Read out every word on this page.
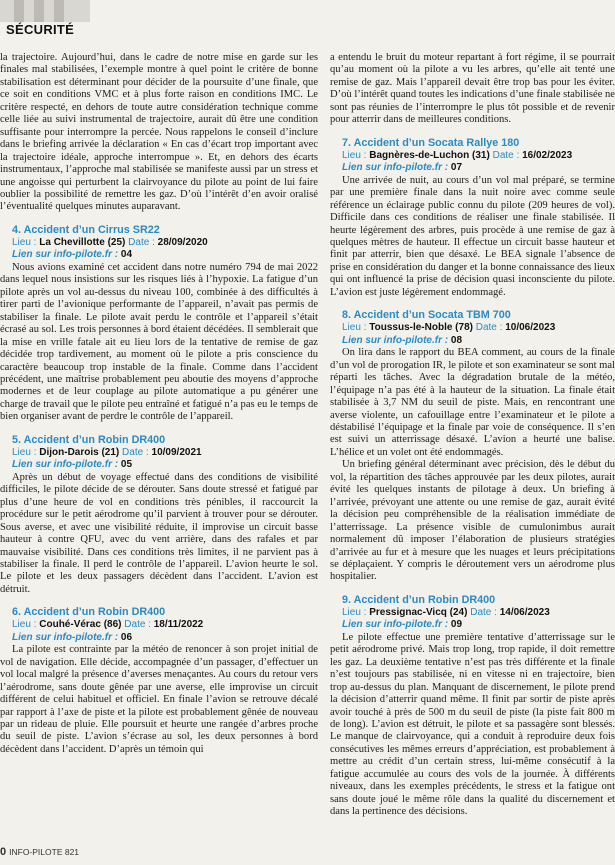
SÉCURITÉ

la trajectoire. Aujourd’hui, dans le cadre de notre mise en garde sur les finales mal stabilisées, l’exemple montre à quel point le critère de bonne stabilisation est déterminant pour décider de la poursuite d’une finale, que ce soit en conditions VMC et à plus forte raison en conditions IMC. Le critère respecté, en dehors de toute autre considération technique comme celle liée au suivi instrumental de trajectoire, aurait dû être une condition suffisante pour interrompre la percée. Nous rappelons le conseil d’inclure dans le briefing arrivée la déclaration « En cas d’écart trop important avec la trajectoire idéale, approche interrompue ». Et, en dehors des écarts instrumentaux, l’approche mal stabilisée se manifeste aussi par un stress et une angoisse qui perturbent la clairvoyance du pilote au point de lui faire oublier la possibilité de remettre les gaz. D’où l’intérêt d’en avoir oralisé l’éventualité quelques minutes auparavant.

4. Accident d’un Cirrus SR22

Lieu : La Chevillotte (25) Date : 28/09/2020

Lien sur info-pilote.fr : 04

Nous avions examiné cet accident dans notre numéro 794 de mai 2022 dans lequel nous insistions sur les risques liés à l’hypoxie. La fatigue d’un pilote après un vol au-dessus du niveau 100, combinée à des difficultés à tirer parti de l’avionique performante de l’appareil, n’avait pas permis de stabiliser la finale. Le pilote avait perdu le contrôle et l’appareil s’était écrasé au sol. Les trois personnes à bord étaient décédées. Il semblerait que la mise en vrille fatale ait eu lieu lors de la tentative de remise de gaz décidée trop tardivement, au moment où le pilote a pris conscience du caractère beaucoup trop instable de la finale. Comme dans l’accident précédent, une maîtrise probablement peu aboutie des moyens d’approche modernes et de leur couplage au pilote automatique a pu générer une charge de travail que le pilote peu entraîné et fatigué n’a pas eu le temps de bien organiser avant de perdre le contrôle de l’appareil.

5. Accident d’un Robin DR400

Lieu : Dijon-Darois (21) Date : 10/09/2021

Lien sur info-pilote.fr : 05

Après un début de voyage effectué dans des conditions de visibilité difficiles, le pilote décide de se dérouter. Sans doute stressé et fatigué par plus d’une heure de vol en conditions très pénibles, il raccourcit la procédure sur le petit aérodrome qu’il parvient à trouver pour se dérouter. Sous averse, et avec une visibilité réduite, il improvise un circuit basse hauteur à contre QFU, avec du vent arrière, dans des rafales et par mauvaise visibilité. Dans ces conditions très limites, il ne parvient pas à stabiliser la finale. Il perd le contrôle de l’appareil. L’avion heurte le sol. Le pilote et les deux passagers décèdent dans l’accident. L’avion est détruit.

6. Accident d’un Robin DR400

Lieu : Couhé-Vérac (86) Date : 18/11/2022

Lien sur info-pilote.fr : 06

La pilote est contrainte par la météo de renoncer à son projet initial de vol de navigation. Elle décide, accompagnée d’un passager, d’effectuer un vol local malgré la présence d’averses menaçantes. Au cours du retour vers l’aérodrome, sans doute gênée par une averse, elle improvise un circuit différent de celui habituel et officiel. En finale l’avion se retrouve décalé par rapport à l’axe de piste et la pilote est probablement gênée de nouveau par un rideau de pluie. Elle poursuit et heurte une rangée d’arbres proche du seuil de piste. L’avion s’écrase au sol, les deux personnes à bord décèdent dans l’accident. D’après un témoin qui

a entendu le bruit du moteur repartant à fort régime, il se pourrait qu’au moment où la pilote a vu les arbres, qu’elle ait tenté une remise de gaz. Mais l’appareil devait être trop bas pour les éviter. D’où l’intérêt quand toutes les indications d’une finale stabilisée ne sont pas réunies de l’interrompre le plus tôt possible et de revenir pour atterrir dans de meilleures conditions.

7. Accident d’un Socata Rallye 180

Lieu : Bagnères-de-Luchon (31) Date : 16/02/2023

Lien sur info-pilote.fr : 07

Une arrivée de nuit, au cours d’un vol mal préparé, se termine par une première finale dans la nuit noire avec comme seule référence un éclairage public connu du pilote (209 heures de vol). Difficile dans ces conditions de réaliser une finale stabilisée. Il heurte légèrement des arbres, puis procède à une remise de gaz à quelques mètres de hauteur. Il effectue un circuit basse hauteur et finit par atterrir, bien que désaxé. Le BEA signale l’absence de prise en considération du danger et la bonne connaissance des lieux qui ont influencé la prise de décision quasi inconsciente du pilote. L’avion est juste légèrement endommagé.

8. Accident d’un Socata TBM 700

Lieu : Toussus-le-Noble (78) Date : 10/06/2023

Lien sur info-pilote.fr : 08

On lira dans le rapport du BEA comment, au cours de la finale d’un vol de prorogation IR, le pilote et son examinateur se sont mal réparti les tâches. Avec la dégradation brutale de la météo, l’équipage n’a pas été à la hauteur de la situation. La finale était stabilisée à 3,7 NM du seuil de piste. Mais, en rencontrant une averse violente, un cafouillage entre l’examinateur et le pilote a déstabilisé l’équipage et la finale par voie de conséquence. Il s’en est suivi un atterrissage désaxé. L’avion a heurté une balise. L’hélice et un volet ont été endommagés.

Un briefing général déterminant avec précision, dès le début du vol, la répartition des tâches approuvée par les deux pilotes, aurait évité les quelques instants de pilotage à deux. Un briefing à l’arrivée, prévoyant une attente ou une remise de gaz, aurait évité la décision peu compréhensible de la réalisation immédiate de l’atterrissage. La présence visible de cumulonimbus aurait normalement dû imposer l’élaboration de plusieurs stratégies d’arrivée au fur et à mesure que les nuages et leurs précipitations se déplaçaient. Y compris le déroutement vers un aérodrome plus hospitalier.

9. Accident d’un Robin DR400

Lieu : Pressignac-Vicq (24) Date : 14/06/2023

Lien sur info-pilote.fr : 09

Le pilote effectue une première tentative d’atterrissage sur le petit aérodrome privé. Mais trop long, trop rapide, il doit remettre les gaz. La deuxième tentative n’est pas très différente et la finale n’est toujours pas stabilisée, ni en vitesse ni en trajectoire, bien trop au-dessus du plan. Manquant de discernement, le pilote prend la décision d’atterrir quand même. Il finit par sortir de piste après avoir touché à près de 500 m du seuil de piste (la piste fait 800 m de long). L’avion est détruit, le pilote et sa passagère sont blessés. Le manque de clairvoyance, qui a conduit à reproduire deux fois consécutives les mêmes erreurs d’appréciation, est probablement à mettre au crédit d’un certain stress, lui-même consécutif à la fatigue accumulée au cours des vols de la journée. À différents niveaux, dans les exemples précédents, le stress et la fatigue ont sans doute joué le même rôle dans la qualité du discernement et dans la pertinence des décisions.

0 INFO-PILOTE 821
